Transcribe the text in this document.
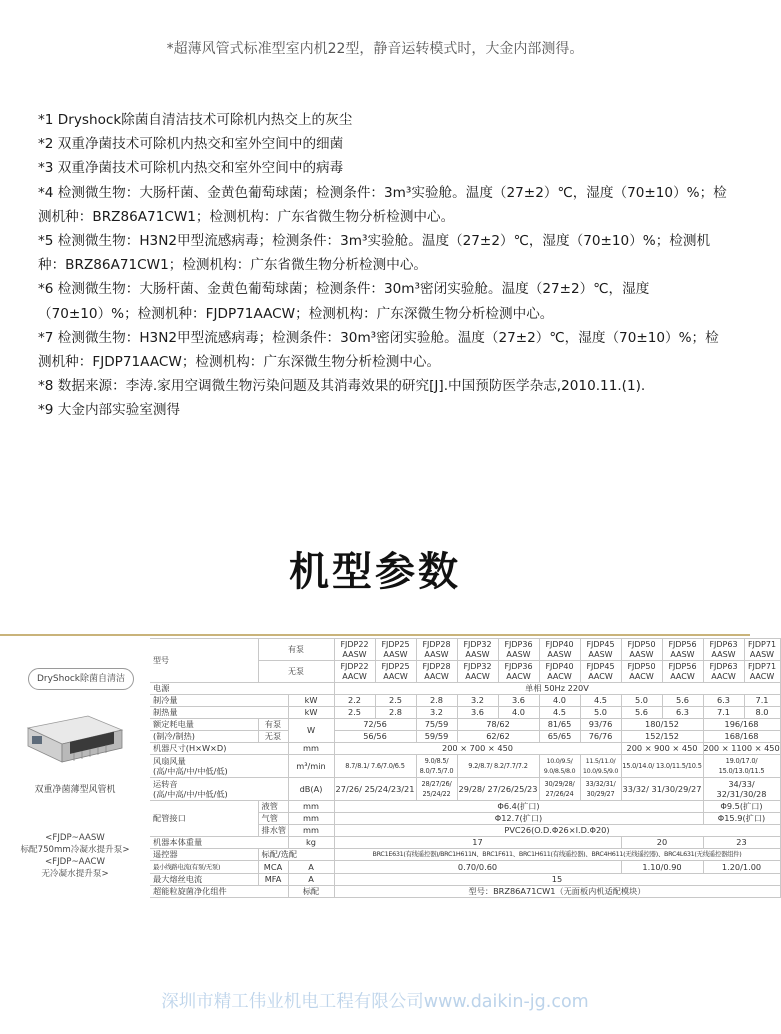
*超薄风管式标准型室内机22型，静音运转模式时，大金内部测得。
*1 Dryshock除菌自清洁技术可除机内热交上的灰尘
*2 双重净菌技术可除机内热交和室外空间中的细菌
*3 双重净菌技术可除机内热交和室外空间中的病毒
*4 检测微生物：大肠杆菌、金黄色葡萄球菌；检测条件：3m³实验舱。温度（27±2）℃，湿度（70±10）%；检测机种：BRZ86A71CW1；检测机构：广东省微生物分析检测中心。
*5 检测微生物：H3N2甲型流感病毒；检测条件：3m³实验舱。温度（27±2）℃，湿度（70±10）%；检测机种：BRZ86A71CW1；检测机构：广东省微生物分析检测中心。
*6 检测微生物：大肠杆菌、金黄色葡萄球菌；检测条件：30m³密闭实验舱。温度（27±2）℃，湿度（70±10）%；检测机种：FJDP71AACW；检测机构：广东深微生物分析检测中心。
*7 检测微生物：H3N2甲型流感病毒；检测条件：30m³密闭实验舱。温度（27±2）℃，湿度（70±10）%；检测机种：FJDP71AACW；检测机构：广东深微生物分析检测中心。
*8 数据来源：李涛.家用空调微生物污染问题及其消毒效果的研究[J].中国预防医学杂志,2010.11.(1).
*9 大金内部实验室测得
机型参数
DryShock除菌自清洁
双重净菌薄型风管机
<FJDP~AASW
标配750mm冷凝水提升泵>
<FJDP~AACW
无冷凝水提升泵>
型号	有泵		FJDP22 AASW	FJDP25 AASW	FJDP28 AASW	FJDP32 AASW	FJDP36 AASW	FJDP40 AASW	FJDP45 AASW	FJDP50 AASW	FJDP56 AASW	FJDP63 AASW	FJDP71 AASW
	无泵		FJDP22 AACW	FJDP25 AACW	FJDP28 AACW	FJDP32 AACW	FJDP36 AACW	FJDP40 AACW	FJDP45 AACW	FJDP50 AACW	FJDP56 AACW	FJDP63 AACW	FJDP71 AACW
电源			单相 50Hz 220V										
制冷量		kW	2.2	2.5	2.8	3.2	3.6	4.0	4.5	5.0	5.6	6.3	7.1
制热量		kW	2.5	2.8	3.2	3.6	4.0	4.5	5.0	5.6	6.3	7.1	8.0
额定耗电量	有泵	W	72/56		75/59	78/62		81/65	93/76	180/152		196/168	
(制冷/制热)	无泵		56/56		59/59	62/62		65/65	76/76	152/152		168/168	
机器尺寸(H×W×D)		mm	200 × 700 × 450							200 × 900 × 450		200 × 1100 × 450	
风扇风量
(高/中高/中/中低/低)		m³/min	8.7/8.1/ 7.6/7.0/6.5		9.0/8.5/ 8.0/7.5/7.0	9.2/8.7/ 8.2/7.7/7.2		10.0/9.5/ 9.0/8.5/8.0	11.5/11.0/ 10.0/9.5/9.0	15.0/14.0/ 13.0/11.5/10.5		19.0/17.0/ 15.0/13.0/11.5	
运转音
(高/中高/中/中低/低)		dB(A)	27/26/ 25/24/23/21		28/27/26/ 25/24/22	29/28/ 27/26/25/23		30/29/28/ 27/26/24	33/32/31/ 30/29/27	33/32/ 31/30/29/27		34/33/ 32/31/30/28	
配管接口	液管	mm	Φ6.4(扩口)									Φ9.5(扩口)	
	气管	mm	Φ12.7(扩口)									Φ15.9(扩口)	
	排水管	mm	PVC26(O.D.Φ26×I.D.Φ20)										
机器本体重量		kg	17							20		23	
遥控器	标配/选配		BRC1E631(有线遥控器)/BRC1H611N、BRC1F611、BRC1H611(有线遥控器)、BRC4H611(无线遥控器)、BRC4L631(无线遥控器组件)										
最小线路电流(有泵/无泵)	MCA	A	0.70/0.60							1.10/0.90		1.20/1.00	
最大熔丝电流	MFA	A	15										
超能粒旋菌净化组件		标配	型号：BRZ86A71CW1（无面板内机适配模块）										
深圳市精工伟业机电工程有限公司www.daikin-jg.com
